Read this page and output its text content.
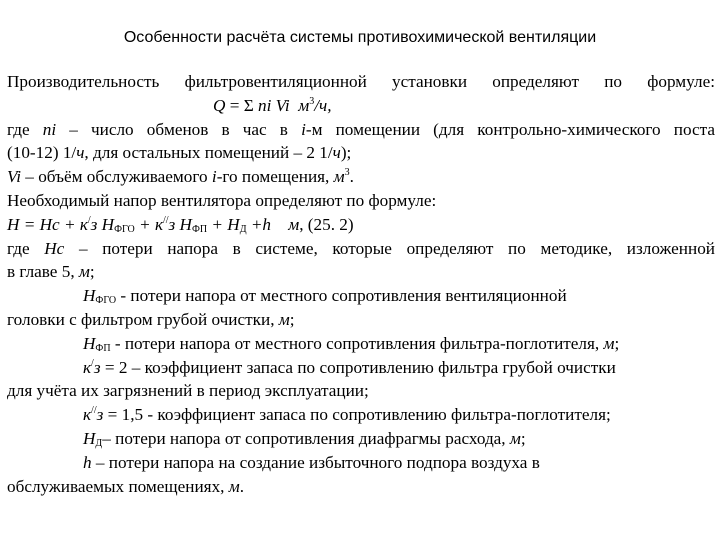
Особенности расчёта системы противохимической вентиляции
Производительность фильтровентиляционной установки определяют по формуле:
Q = Σ ni Vi $м^3/ч$,
где ni – число обменов в час в i-м помещении (для контрольно-химического поста
(10-12) 1/ч, для остальных помещений – 2 1/ч);
Vi – объём обслуживаемого i-го помещения, $м^3$.
Необходимый напор вентилятора определяют по формуле:
H = Hc + к/з $H_{ФГО} + к^{//}з$ $H_{ФП} + H_Д +h$ м, (25. 2)
где Hc – потери напора в системе, которые определяют по методике, изложенной
в главе 5, м;
$H_{ФГО}$ - потери напора от местного сопротивления вентиляционной
головки с фильтром грубой очистки, м;
$H_{ФП}$ - потери напора от местного сопротивления фильтра-поглотителя, м;
к/з = 2 – коэффициент запаса по сопротивлению фильтра грубой очистки
для учёта их загрязнений в период эксплуатации;
к//з = 1,5 - коэффициент запаса по сопротивлению фильтра-поглотителя;
$H_Д-$ потери напора от сопротивления диафрагмы расхода, м;
h – потери напора на создание избыточного подпора воздуха в
обслуживаемых помещениях, м.
